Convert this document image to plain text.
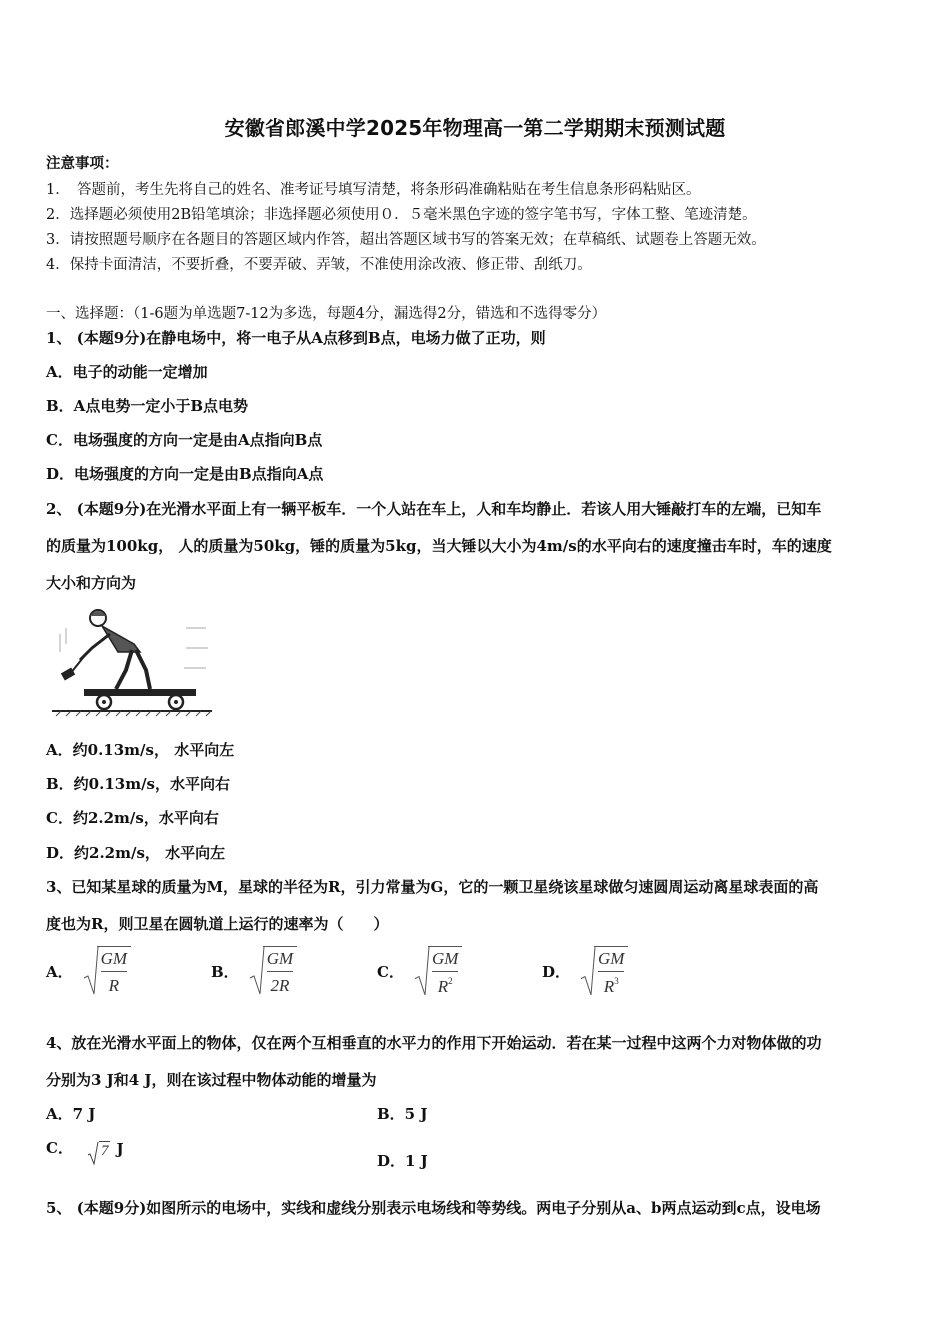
安徽省郎溪中学2025年物理高一第二学期期末预测试题
注意事项：
1．　答题前，考生先将自己的姓名、准考证号填写清楚，将条形码准确粘贴在考生信息条形码粘贴区。
2．选择题必须使用2B铅笔填涂；非选择题必须使用０．５毫米黑色字迹的签字笔书写，字体工整、笔迹清楚。
3．请按照题号顺序在各题目的答题区域内作答，超出答题区域书写的答案无效；在草稿纸、试题卷上答题无效。
4．保持卡面清洁，不要折叠，不要弄破、弄皱，不准使用涂改液、修正带、刮纸刀。
一、选择题：（1-6题为单选题7-12为多选，每题4分，漏选得2分，错选和不选得零分）
1、 (本题9分)在静电场中，将一电子从A点移到B点，电场力做了正功，则
A．电子的动能一定增加
B．A点电势一定小于B点电势
C．电场强度的方向一定是由A点指向B点
D．电场强度的方向一定是由B点指向A点
2、 (本题9分)在光滑水平面上有一辆平板车．一个人站在车上，人和车均静止．若该人用大锤敲打车的左端，已知车
的质量为100kg， 人的质量为50kg，锤的质量为5kg，当大锤以大小为4m/s的水平向右的速度撞击车时，车的速度
大小和方向为
A．约0.13m/s， 水平向左
B．约0.13m/s，水平向右
C．约2.2m/s，水平向右
D．约2.2m/s， 水平向左
3、已知某星球的质量为M，星球的半径为R，引力常量为G，它的一颗卫星绕该星球做匀速圆周运动离星球表面的高
度也为R，则卫星在圆轨道上运行的速率为（　　）
A． $\frac{GM}{R}$	B． $\frac{GM}{2R}$	C． $\frac{GM}{R^2}$	D． $\frac{GM}{R^3}$
4、放在光滑水平面上的物体，仅在两个互相垂直的水平力的作用下开始运动．若在某一过程中这两个力对物体做的功
分别为3 J和4 J，则在该过程中物体动能的增量为
A．7 J	B．5 J
C．	7 J
D．1 J
5、 (本题9分)如图所示的电场中，实线和虚线分别表示电场线和等势线。两电子分别从a、b两点运动到c点，设电场
